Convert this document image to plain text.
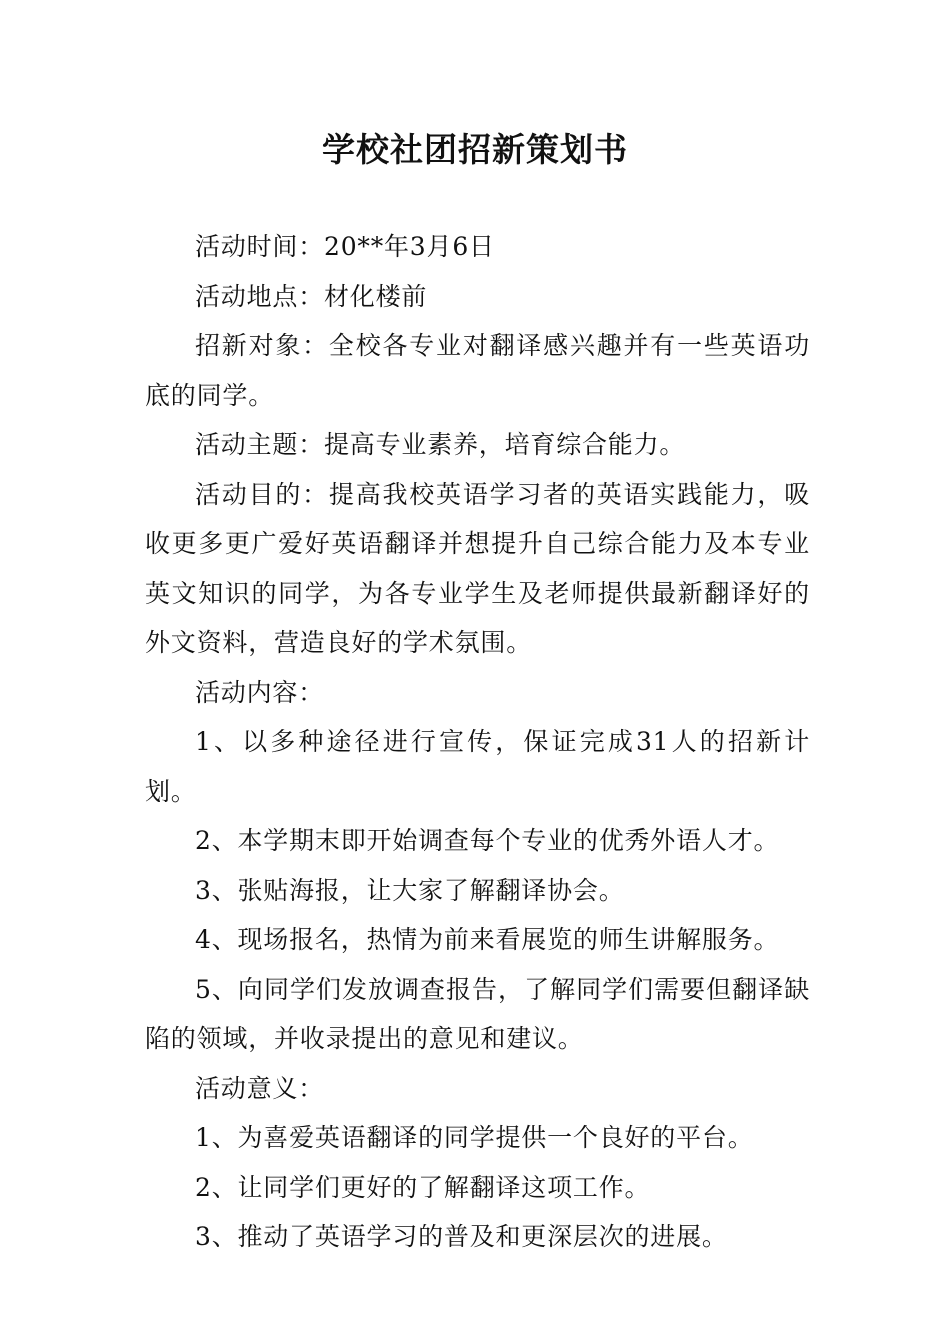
学校社团招新策划书

活动时间：20**年3月6日

活动地点：材化楼前

招新对象：全校各专业对翻译感兴趣并有一些英语功底的同学。

活动主题：提高专业素养，培育综合能力。

活动目的：提高我校英语学习者的英语实践能力，吸收更多更广爱好英语翻译并想提升自己综合能力及本专业英文知识的同学，为各专业学生及老师提供最新翻译好的外文资料，营造良好的学术氛围。

活动内容：

1、以多种途径进行宣传，保证完成31人的招新计划。

2、本学期末即开始调查每个专业的优秀外语人才。

3、张贴海报，让大家了解翻译协会。

4、现场报名，热情为前来看展览的师生讲解服务。

5、向同学们发放调查报告，了解同学们需要但翻译缺陷的领域，并收录提出的意见和建议。

活动意义：

1、为喜爱英语翻译的同学提供一个良好的平台。

2、让同学们更好的了解翻译这项工作。

3、推动了英语学习的普及和更深层次的进展。
